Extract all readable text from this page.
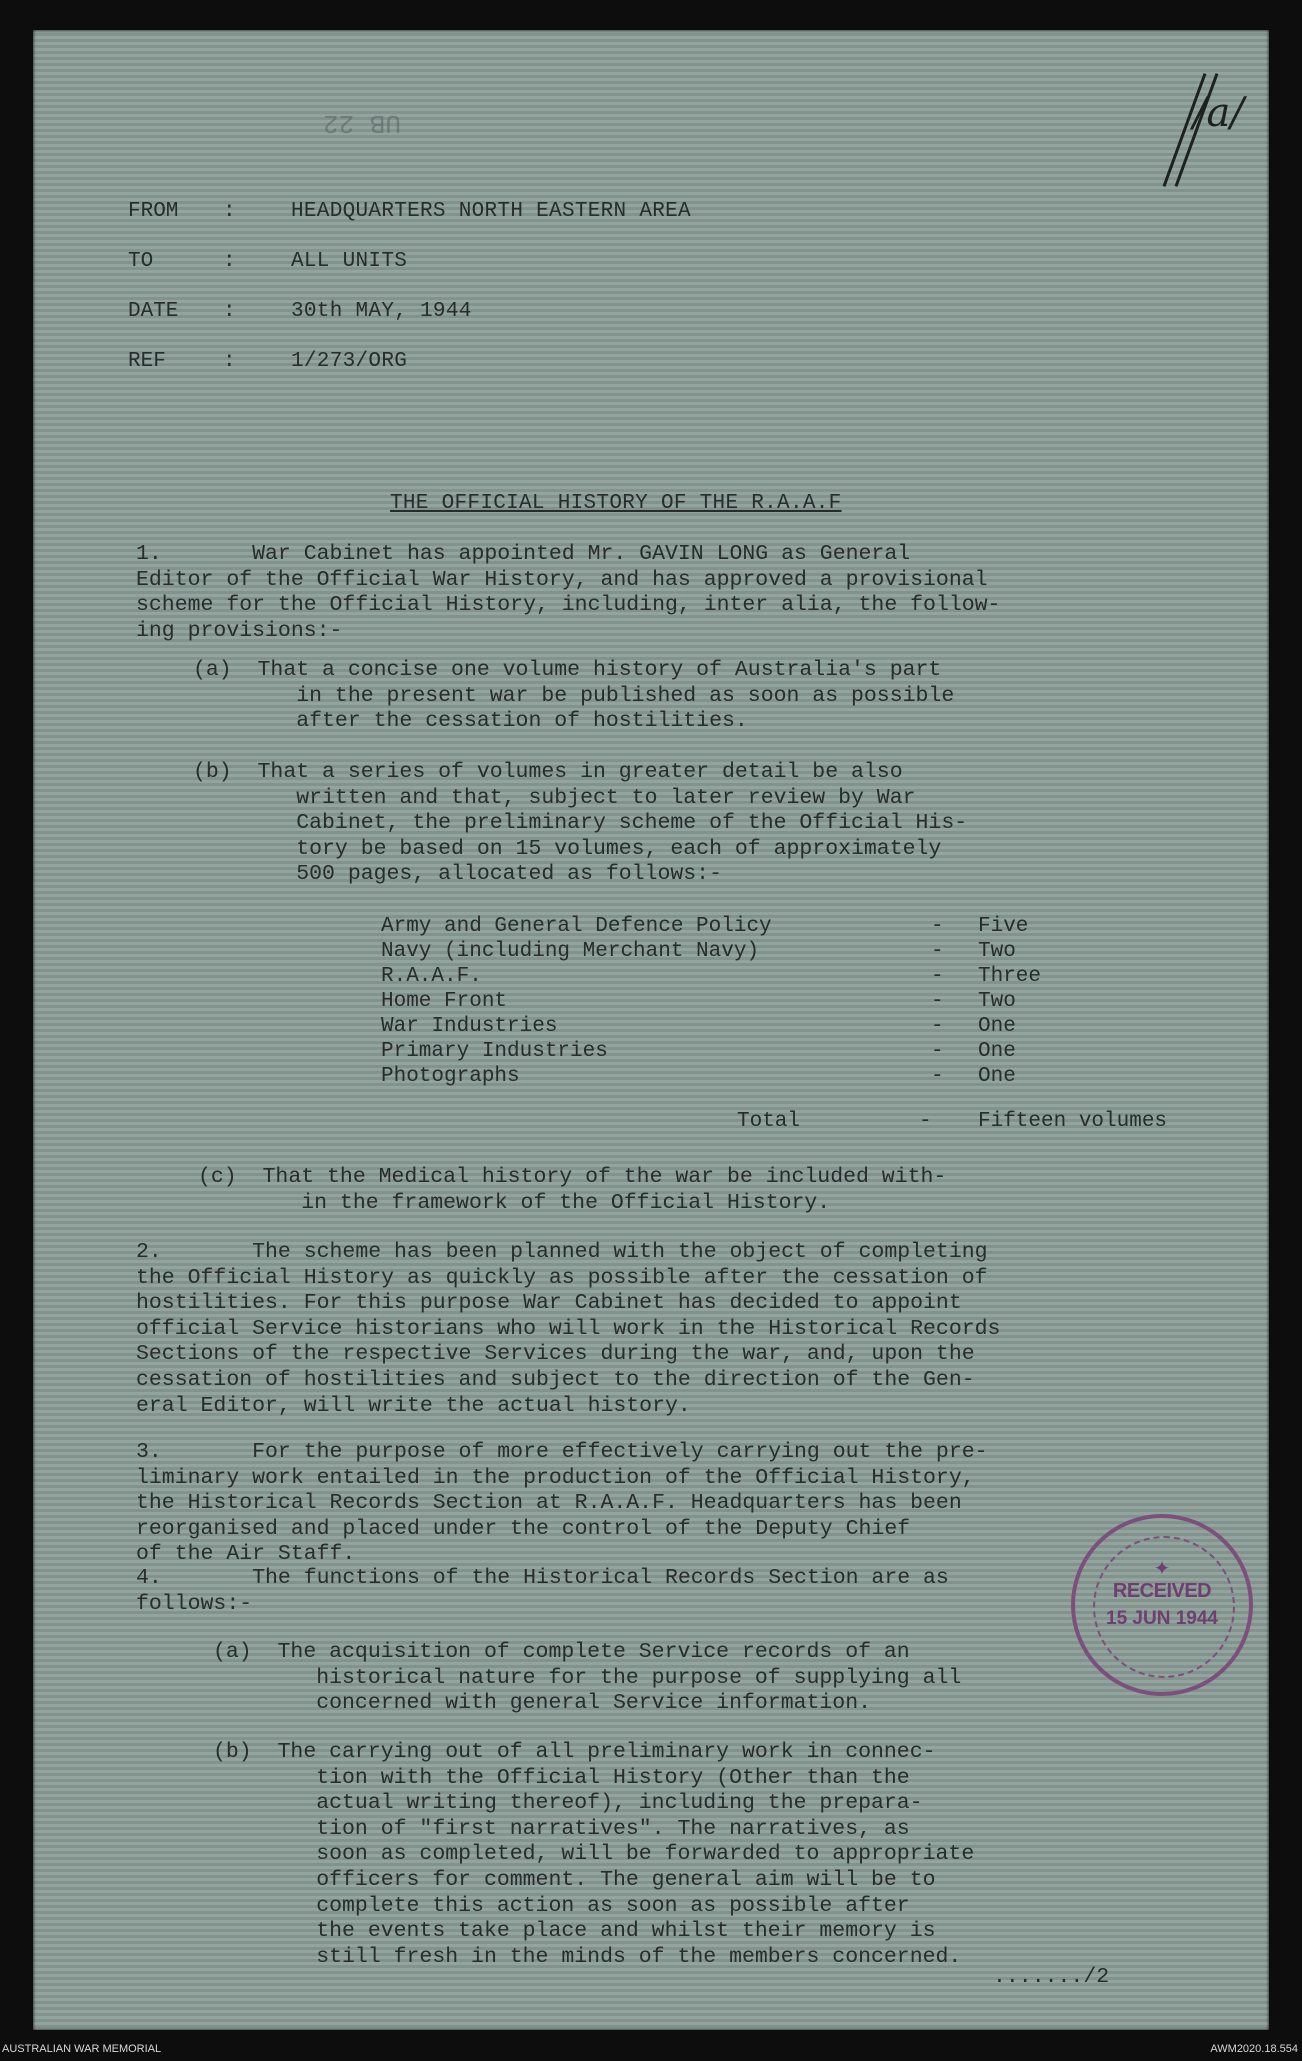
UB 22	/a/
FROM :	HEADQUARTERS NORTH EASTERN AREA
TO	:	ALL UNITS
DATE :	30th MAY, 1944
REF	:	1/273/ORG
THE OFFICIAL HISTORY OF THE R.A.A.F
1.       War Cabinet has appointed Mr. GAVIN LONG as General
Editor of the Official War History, and has approved a provisional
scheme for the Official History, including, inter alia, the follow-
ing provisions:-
(a)  That a concise one volume history of Australia's part
in the present war be published as soon as possible
after the cessation of hostilities.
(b)  That a series of volumes in greater detail be also
written and that, subject to later review by War
Cabinet, the preliminary scheme of the Official His-
tory be based on 15 volumes, each of approximately
500 pages, allocated as follows:-
Army and General Defence Policy	- Five
Navy (including Merchant Navy)	- Two
R.A.A.F.	- Three
Home Front	- Two
War Industries	- One
Primary Industries	- One
Photographs	- One
Total	- Fifteen volumes
(c)  That the Medical history of the war be included with-
in the framework of the Official History.
2.       The scheme has been planned with the object of completing
the Official History as quickly as possible after the cessation of
hostilities. For this purpose War Cabinet has decided to appoint
official Service historians who will work in the Historical Records
Sections of the respective Services during the war, and, upon the
cessation of hostilities and subject to the direction of the Gen-
eral Editor, will write the actual history.
3.       For the purpose of more effectively carrying out the pre-
liminary work entailed in the production of the Official History,
the Historical Records Section at R.A.A.F. Headquarters has been
reorganised and placed under the control of the Deputy Chief
of the Air Staff.
4.       The functions of the Historical Records Section are as
follows:-
(a)  The acquisition of complete Service records of an
historical nature for the purpose of supplying all
concerned with general Service information.
(b)  The carrying out of all preliminary work in connec-
tion with the Official History (Other than the
actual writing thereof), including the prepara-
tion of "first narratives". The narratives, as
soon as completed, will be forwarded to appropriate
officers for comment. The general aim will be to
complete this action as soon as possible after
the events take place and whilst their memory is
still fresh in the minds of the members concerned.
......./2
✦
RECEIVED
15 JUN 1944
AUSTRALIAN WAR MEMORIAL	AWM2020.18.554
